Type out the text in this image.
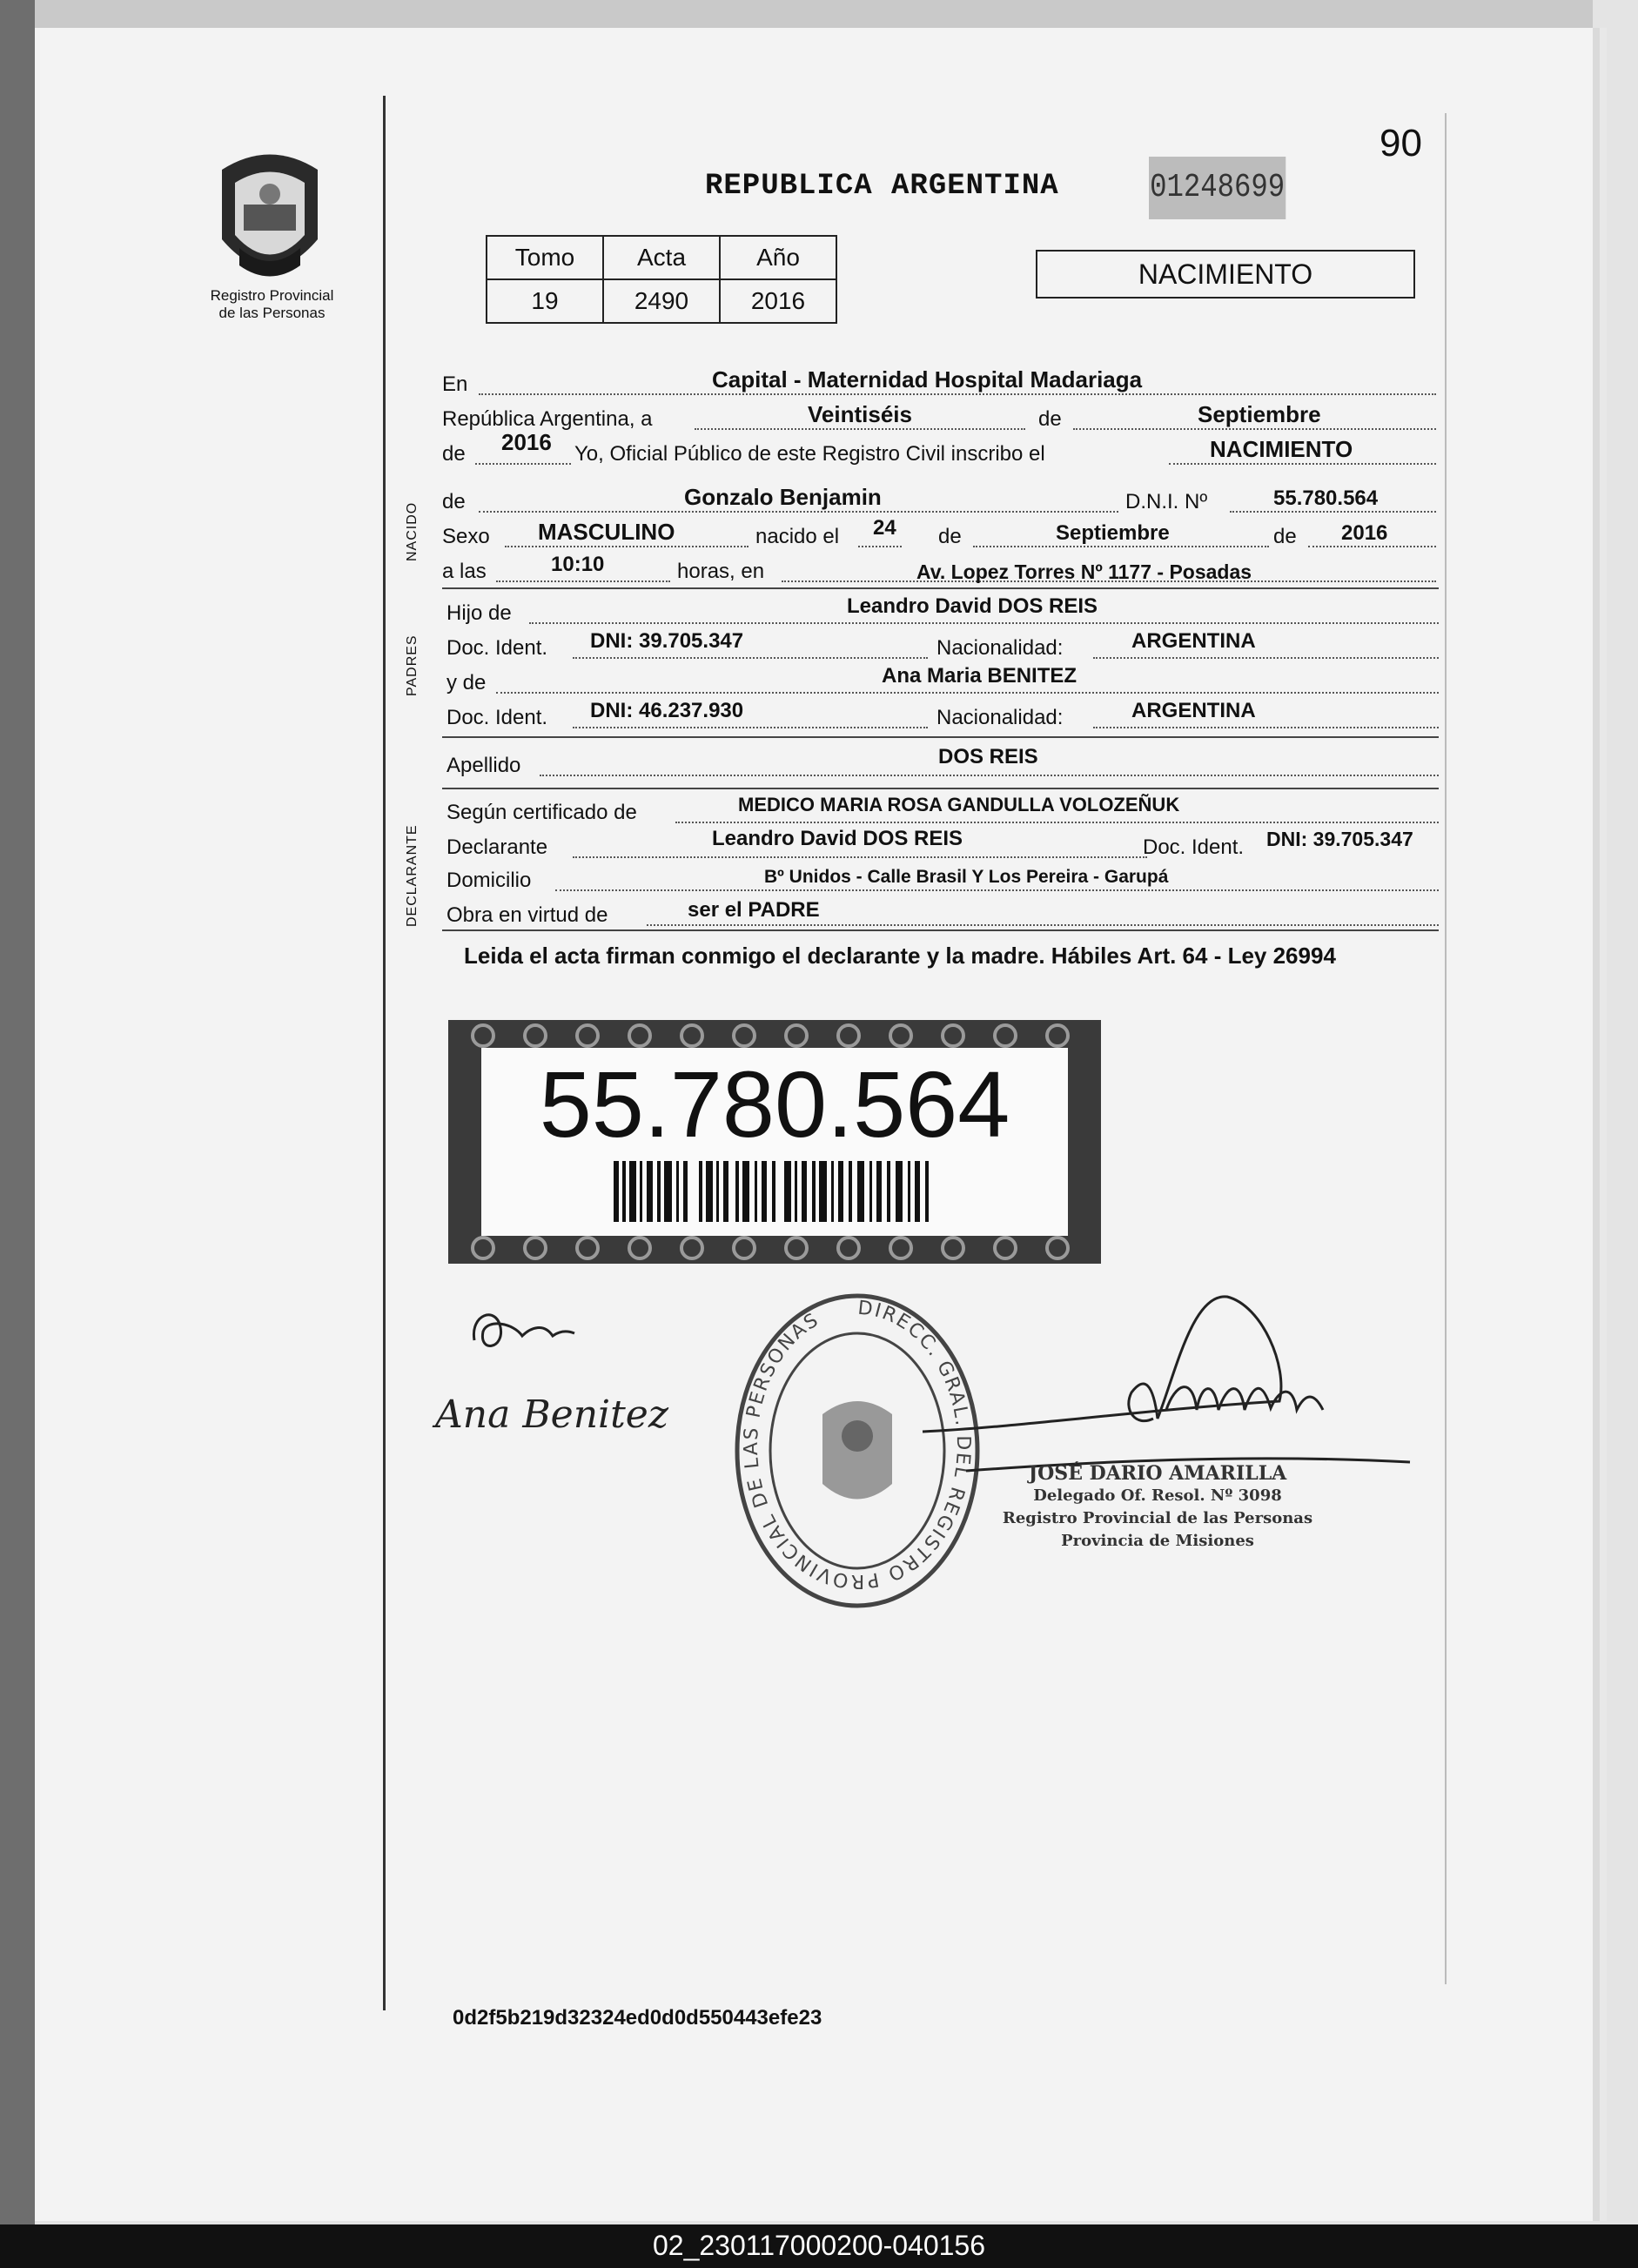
90
Registro Provincial
de las Personas
REPUBLICA ARGENTINA	01248699
Tomo	Acta	Año
19	2490	2016
NACIMIENTO
En	Capital - Maternidad Hospital Madariaga
República Argentina, a	Veintiséis	de	Septiembre
de 2016 Yo, Oficial Público de este Registro Civil inscribo el	NACIMIENTO
NACIDO
de	Gonzalo Benjamin	D.N.I. Nº	55.780.564
Sexo MASCULINO	nacido el 24 de	Septiembre	de 2016
a las	10:10	horas, en	Av. Lopez Torres Nº 1177 - Posadas
PADRES
Hijo de	Leandro David DOS REIS
Doc. Ident. DNI: 39.705.347	Nacionalidad:	ARGENTINA
y de	Ana Maria BENITEZ
Doc. Ident. DNI: 46.237.930	Nacionalidad:	ARGENTINA
Apellido	DOS REIS
DECLARANTE
Según certificado de	MEDICO MARIA ROSA GANDULLA VOLOZEÑUK
Declarante	Leandro David DOS REIS	Doc. Ident. DNI: 39.705.347
Domicilio	Bº Unidos - Calle Brasil Y Los Pereira - Garupá
Obra en virtud de	ser el PADRE
Leida el acta firman conmigo el declarante y la madre. Hábiles Art. 64 - Ley 26994
55.780.564
Ana Benitez
DIRECC. GRAL. DEL REGISTRO PROVINCIAL DE LAS PERSONAS
JOSÉ DARIO AMARILLA
Delegado Of. Resol. Nº 3098
Registro Provincial de las Personas
Provincia de Misiones
0d2f5b219d32324ed0d0d550443efe23
02_230117000200-040156
